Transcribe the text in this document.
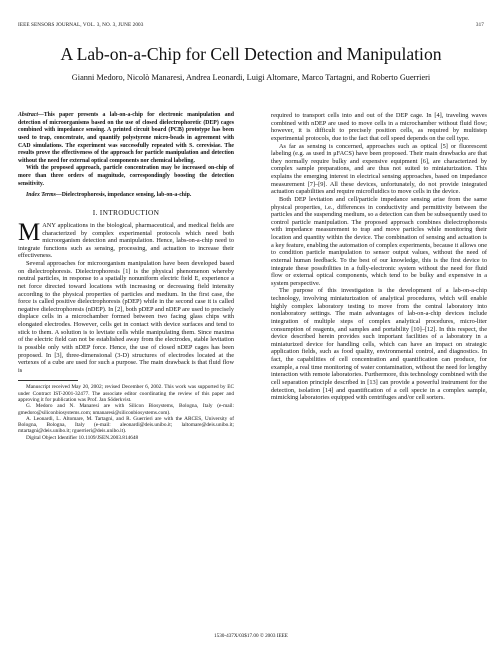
IEEE SENSORS JOURNAL, VOL. 3, NO. 3, JUNE 2003	317
A Lab-on-a-Chip for Cell Detection and Manipulation
Gianni Medoro, Nicolò Manaresi, Andrea Leonardi, Luigi Altomare, Marco Tartagni, and Roberto Guerrieri

Abstract—This paper presents a lab-on-a-chip for electronic manipulation and detection of microorganisms based on the use of closed dielectrophoretic (DEP) cages combined with impedance sensing. A printed circuit board (PCB) prototype has been used to trap, concentrate, and quantify polystyrene micro-beads in agreement with CAD simulations. The experiment was successfully repeated with S. cerevisiae. The results prove the effectiveness of the approach for particle manipulation and detection without the need for external optical components nor chemical labeling.

With the proposed approach, particle concentration may be increased on-chip of more than three orders of magnitude, correspondingly boosting the detection sensitivity.

Index Terms—Dielectrophoresis, impedance sensing, lab-on-a-chip.

I. INTRODUCTION

MANY applications in the biological, pharmaceutical, and medical fields are characterized by complex experimental protocols which need both microorganism detection and manipulation. Hence, labs-on-a-chip need to integrate functions such as sensing, processing, and actuation to increase their effectiveness.

Several approaches for microorganism manipulation have been developed based on dielectrophoresis. Dielectrophoresis [1] is the physical phenomenon whereby neutral particles, in response to a spatially nonuniform electric field E, experience a net force directed toward locations with increasing or decreasing field intensity according to the physical properties of particles and medium. In the first case, the force is called positive dielectrophoresis (pDEP) while in the second case it is called negative dielectrophoresis (nDEP). In [2], both pDEP and nDEP are used to precisely displace cells in a microchamber formed between two facing glass chips with elongated electrodes. However, cells get in contact with device surfaces and tend to stick to them. A solution is to levitate cells while manipulating them. Since maxima of the electric field can not be established away from the electrodes, stable levitation is possible only with nDEP force. Hence, the use of closed nDEP cages has been proposed. In [3], three-dimensional (3-D) structures of electrodes located at the vertexes of a cube are used for such a purpose. The main drawback is that fluid flow is

Manuscript received May 20, 2002; revised December 6, 2002. This work was supported by EC under Contract IST-2001-32477. The associate editor coordinating the review of this paper and approving it for publication was Prof. Jan Söderkvist.

G. Medoro and N. Manaresi are with Silicon Biosystems, Bologna, Italy (e-mail: gmedoro@siliconbiosystems.com; nmanaresi@siliconbiosystems.com).

A. Leonardi, L. Altomare, M. Tartagni, and R. Guerrieri are with the ARCES, University of Bologna, Bologna, Italy (e-mail: aleonardi@deis.unibo.it; laltomare@deis.unibo.it; mtartagni@deis.unibo.it; rguerrieri@deis.unibo.it).

Digital Object Identifier 10.1109/JSEN.2003.814648

required to transport cells into and out of the DEP cage. In [4], traveling waves combined with nDEP are used to move cells in a microchamber without fluid flow; however, it is difficult to precisely position cells, as required by multistep experimental protocols, due to the fact that cell speed depends on the cell type.

As far as sensing is concerned, approaches such as optical [5] or fluorescent labeling (e.g. as used in μFACS) have been proposed. Their main drawbacks are that they normally require bulky and expensive equipment [6], are characterized by complex sample preparations, and are thus not suited to miniaturization. This explains the emerging interest in electrical sensing approaches, based on impedance measurement [7]–[9]. All these devices, unfortunately, do not provide integrated actuation capabilities and require microfluidics to move cells in the device.

Both DEP levitation and cell/particle impedance sensing arise from the same physical properties, i.e., differences in conductivity and permittivity between the particles and the suspending medium, so a detection can then be subsequently used to control particle manipulation. The proposed approach combines dielectrophoresis with impedance measurement to trap and move particles while monitoring their location and quantity within the device. The combination of sensing and actuation is a key feature, enabling the automation of complex experiments, because it allows one to condition particle manipulation to sensor output values, without the need of external human feedback. To the best of our knowledge, this is the first device to integrate these possibilities in a fully-electronic system without the need for fluid flow or external optical components, which tend to be bulky and expensive in a system perspective.

The purpose of this investigation is the development of a lab-on-a-chip technology, involving miniaturization of analytical procedures, which will enable highly complex laboratory testing to move from the central laboratory into nonlaboratory settings. The main advantages of lab-on-a-chip devices include integration of multiple steps of complex analytical procedures, micro-liter consumption of reagents, and samples and portability [10]–[12]. In this respect, the device described herein provides such important facilities of a laboratory in a miniaturized device for handling cells, which can have an impact on strategic application fields, such as food quality, environmental control, and diagnostics. In fact, the capabilities of cell concentration and quantification can produce, for example, a real time monitoring of water contamination, without the need for lengthy interaction with remote laboratories. Furthermore, this technology combined with the cell separation principle described in [13] can provide a powerful instrument for the detection, isolation [14] and quantification of a cell specie in a complex sample, mimicking laboratories equipped with centrifuges and/or cell sorters.

1530-437X/03$17.00 © 2003 IEEE
